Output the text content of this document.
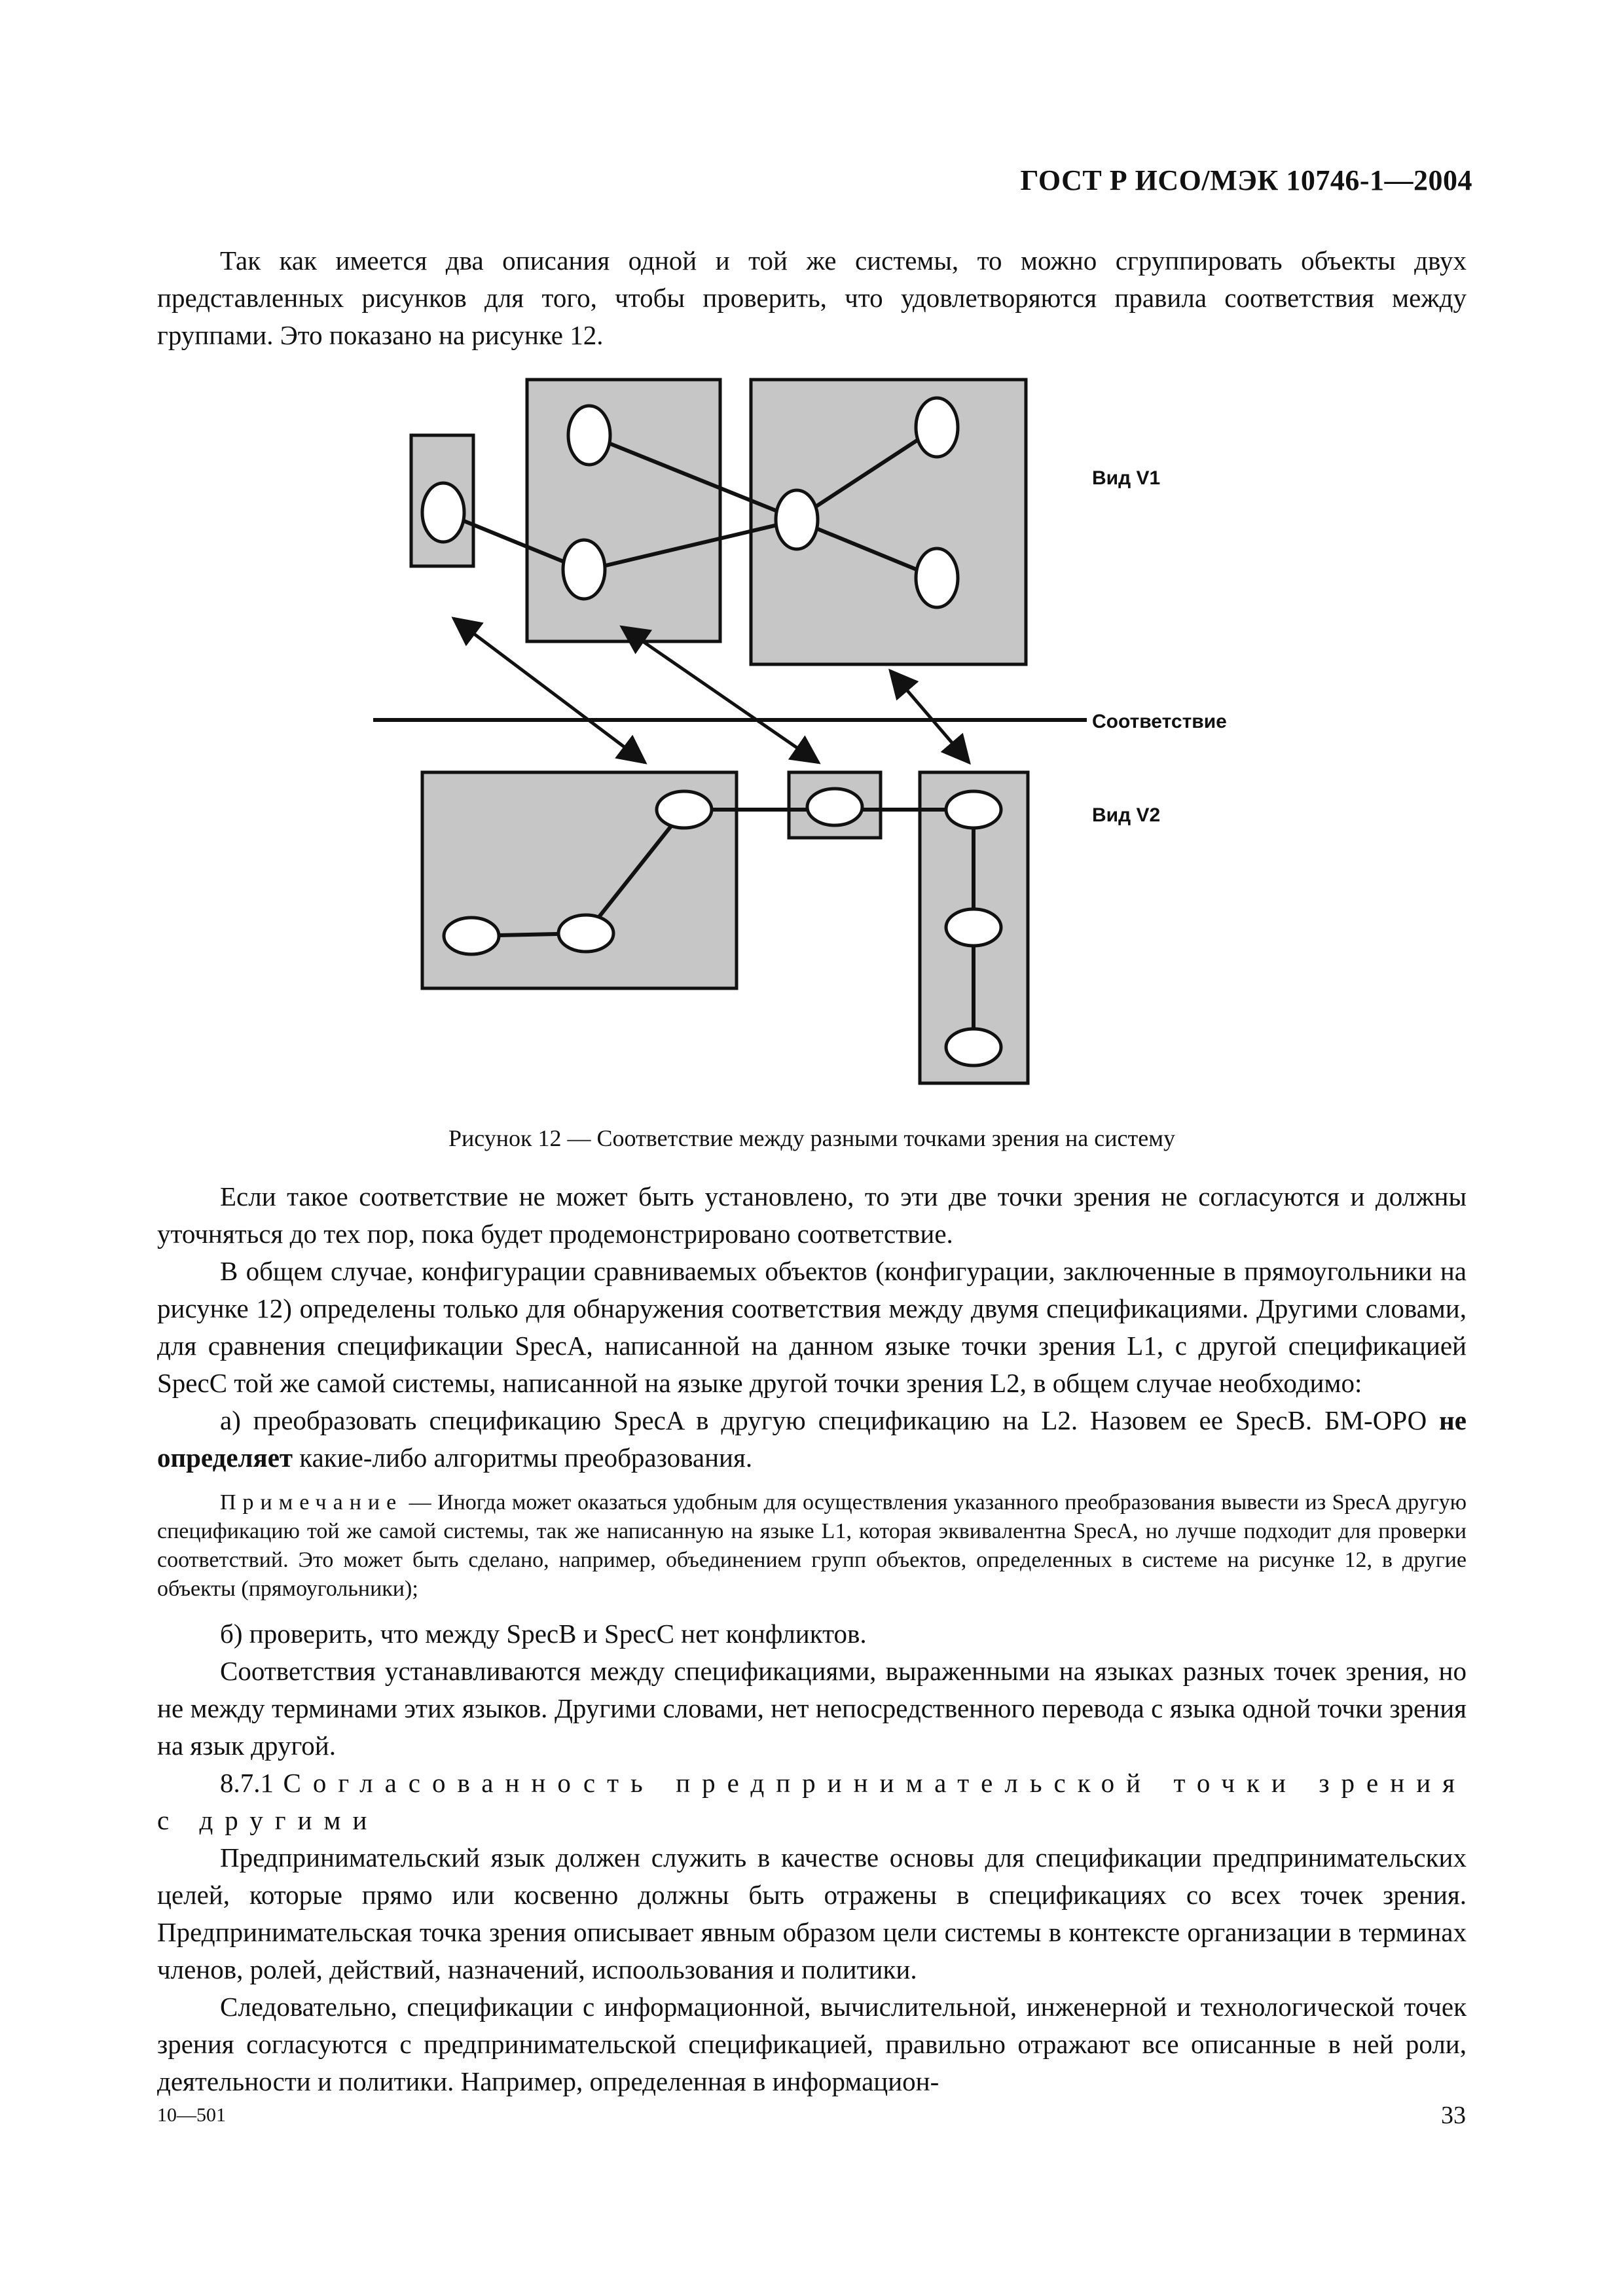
ГОСТ Р ИСО/МЭК 10746-1—2004

Так как имеется два описания одной и той же системы, то можно сгруппировать объекты двух представленных рисунков для того, чтобы проверить, что удовлетворяются правила соответствия между группами. Это показано на рисунке 12.

Вид V1
Соответствие
Вид V2
Рисунок 12 — Соответствие между разными точками зрения на систему

Если такое соответствие не может быть установлено, то эти две точки зрения не согласуются и должны уточняться до тех пор, пока будет продемонстрировано соответствие.

В общем случае, конфигурации сравниваемых объектов (конфигурации, заключенные в прямоугольники на рисунке 12) определены только для обнаружения соответствия между двумя спецификациями. Другими словами, для сравнения спецификации SpecA, написанной на данном языке точки зрения L1, с другой спецификацией SpecC той же самой системы, написанной на языке другой точки зрения L2, в общем случае необходимо:

а) преобразовать спецификацию SpecA в другую спецификацию на L2. Назовем ее SpecB. БМ-ОРО не определяет какие-либо алгоритмы преобразования.

Примечание — Иногда может оказаться удобным для осуществления указанного преобразования вывести из SpecA другую спецификацию той же самой системы, так же написанную на языке L1, которая эквивалентна SpecA, но лучше подходит для проверки соответствий. Это может быть сделано, например, объединением групп объектов, определенных в системе на рисунке 12, в другие объекты (прямоугольники);

б) проверить, что между SpecB и SpecC нет конфликтов.

Соответствия устанавливаются между спецификациями, выраженными на языках разных точек зрения, но не между терминами этих языков. Другими словами, нет непосредственного перевода с языка одной точки зрения на язык другой.

8.7.1 Согласованность предпринимательской точки зрения с другими

Предпринимательский язык должен служить в качестве основы для спецификации предпринимательских целей, которые прямо или косвенно должны быть отражены в спецификациях со всех точек зрения. Предпринимательская точка зрения описывает явным образом цели системы в контексте организации в терминах членов, ролей, действий, назначений, испоользования и политики.

Следовательно, спецификации с информационной, вычислительной, инженерной и технологической точек зрения согласуются с предпринимательской спецификацией, правильно отражают все описанные в ней роли, деятельности и политики. Например, определенная в информацион-

10—501	33
